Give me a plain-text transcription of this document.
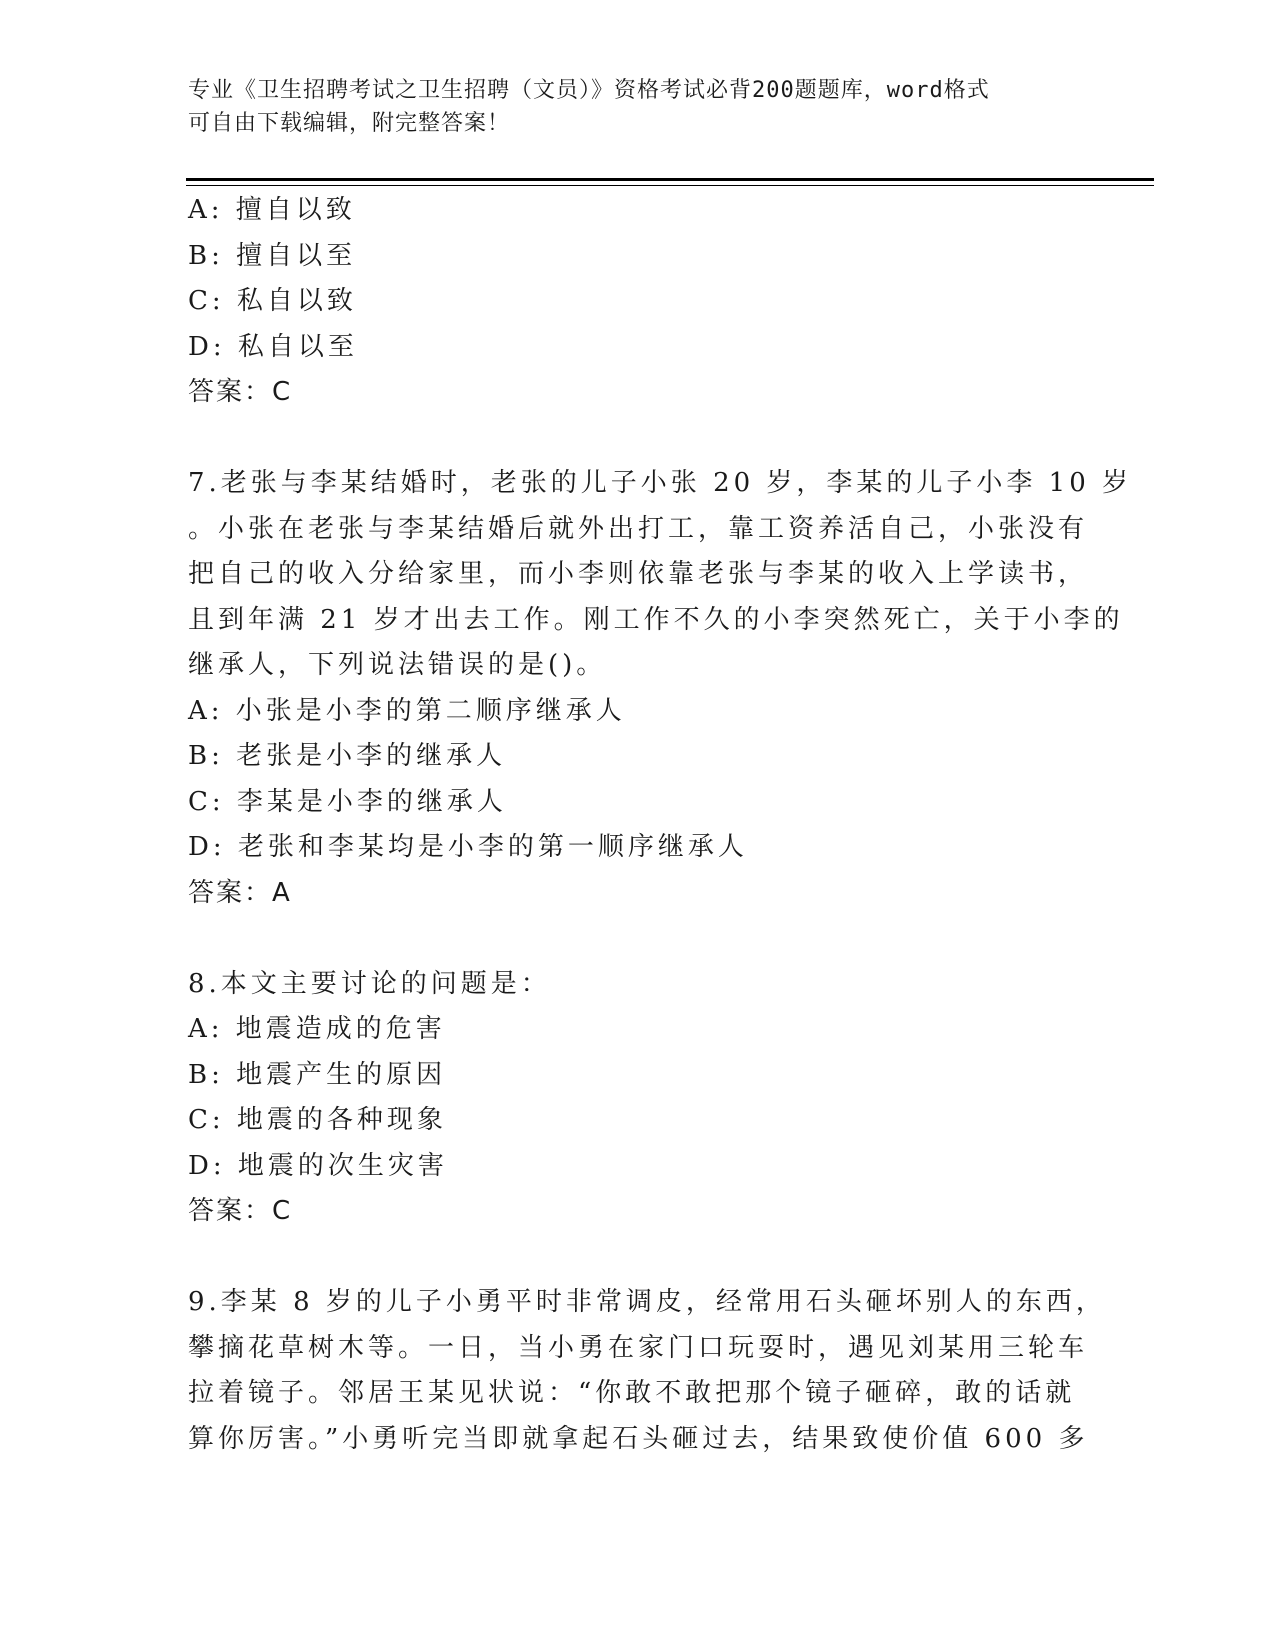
专业《卫生招聘考试之卫生招聘（文员）》资格考试必背200题题库，word格式
可自由下载编辑，附完整答案！
A: 擅自以致
B: 擅自以至
C: 私自以致
D: 私自以至
答案：C
7.老张与李某结婚时，老张的儿子小张 20 岁，李某的儿子小李 10 岁
。小张在老张与李某结婚后就外出打工，靠工资养活自己，小张没有
把自己的收入分给家里，而小李则依靠老张与李某的收入上学读书，
且到年满 21 岁才出去工作。刚工作不久的小李突然死亡，关于小李的
继承人，下列说法错误的是()。
A: 小张是小李的第二顺序继承人
B: 老张是小李的继承人
C: 李某是小李的继承人
D: 老张和李某均是小李的第一顺序继承人
答案：A
8.本文主要讨论的问题是：
A: 地震造成的危害
B: 地震产生的原因
C: 地震的各种现象
D: 地震的次生灾害
答案：C
9.李某 8 岁的儿子小勇平时非常调皮，经常用石头砸坏别人的东西，
攀摘花草树木等。一日，当小勇在家门口玩耍时，遇见刘某用三轮车
拉着镜子。邻居王某见状说：“你敢不敢把那个镜子砸碎，敢的话就
算你厉害。”小勇听完当即就拿起石头砸过去，结果致使价值 600 多
